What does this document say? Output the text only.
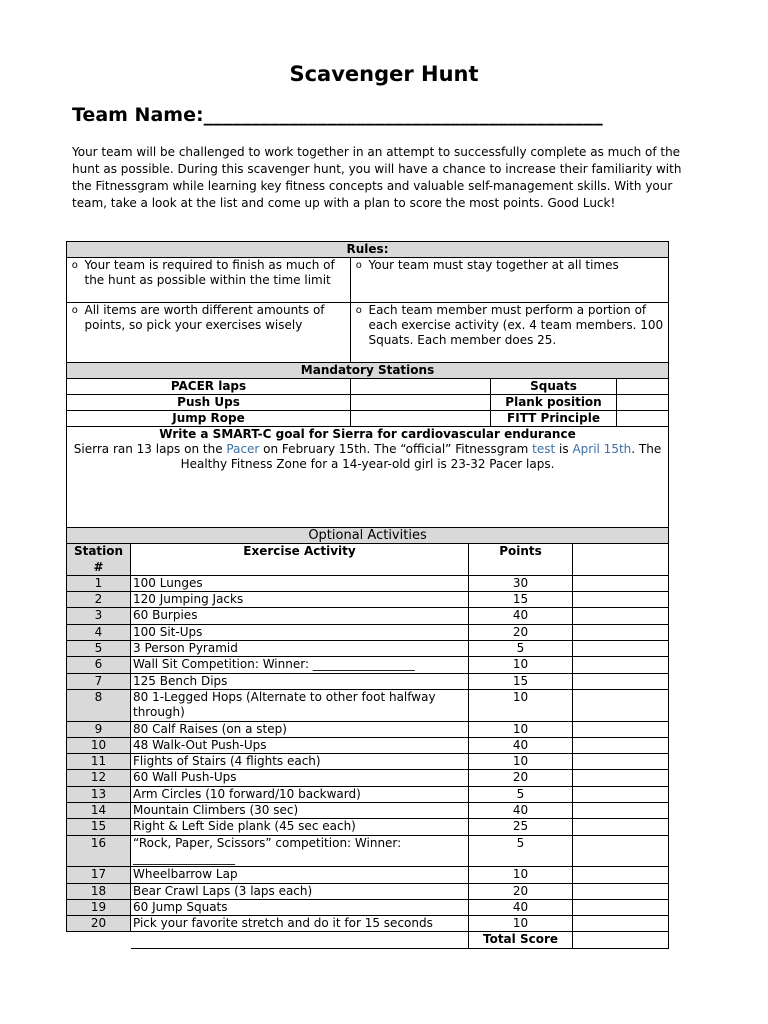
Scavenger Hunt
Team Name:__________________________________________
Your team will be challenged to work together in an attempt to successfully complete as much of the hunt as possible. During this scavenger hunt, you will have a chance to increase their familiarity with the Fitnessgram while learning key fitness concepts and valuable self-management skills. With your team, take a look at the list and come up with a plan to score the most points. Good Luck!
Rules:					
o	Your team is required to finish as much of the hunt as possible within the time limit	o	Your team must stay together at all times		
o	All items are worth different amounts of points, so pick your exercises wisely	o	Each team member must perform a portion of each exercise activity (ex. 4 team members. 100 Squats. Each member does 25.		
Mandatory Stations					
PACER laps				Squats	
Push Ups				Plank position	
Jump Rope				FITT Principle	

Write a SMART-C goal for Sierra for cardiovascular endurance
Sierra ran 13 laps on the Pacer on February 15th. The “official” Fitnessgram test is April 15th. The Healthy Fitness Zone for a 14-year-old girl is 23-32 Pacer laps.					
Optional Activities			
Station #	Exercise Activity	Points	
1	100 Lunges	30	
2	120 Jumping Jacks	15	
3	60 Burpies	40	
4	100 Sit-Ups	20	
5	3 Person Pyramid	5	
6	Wall Sit Competition: Winner: _________________	10	
7	125 Bench Dips	15	
8	80 1-Legged Hops (Alternate to other foot halfway through)	10	
9	80 Calf Raises (on a step)	10	
10	48 Walk-Out Push-Ups	40	
11	Flights of Stairs (4 flights each)	10	
12	60 Wall Push-Ups	20	
13	Arm Circles (10 forward/10 backward)	5	
14	Mountain Climbers (30 sec)	40	
15	Right & Left Side plank (45 sec each)	25	
16	“Rock, Paper, Scissors” competition: Winner: _________________	5	
17	Wheelbarrow Lap	10	
18	Bear Crawl Laps (3 laps each)	20	
19	60 Jump Squats	40	
20	Pick your favorite stretch and do it for 15 seconds	10	
		Total Score	
